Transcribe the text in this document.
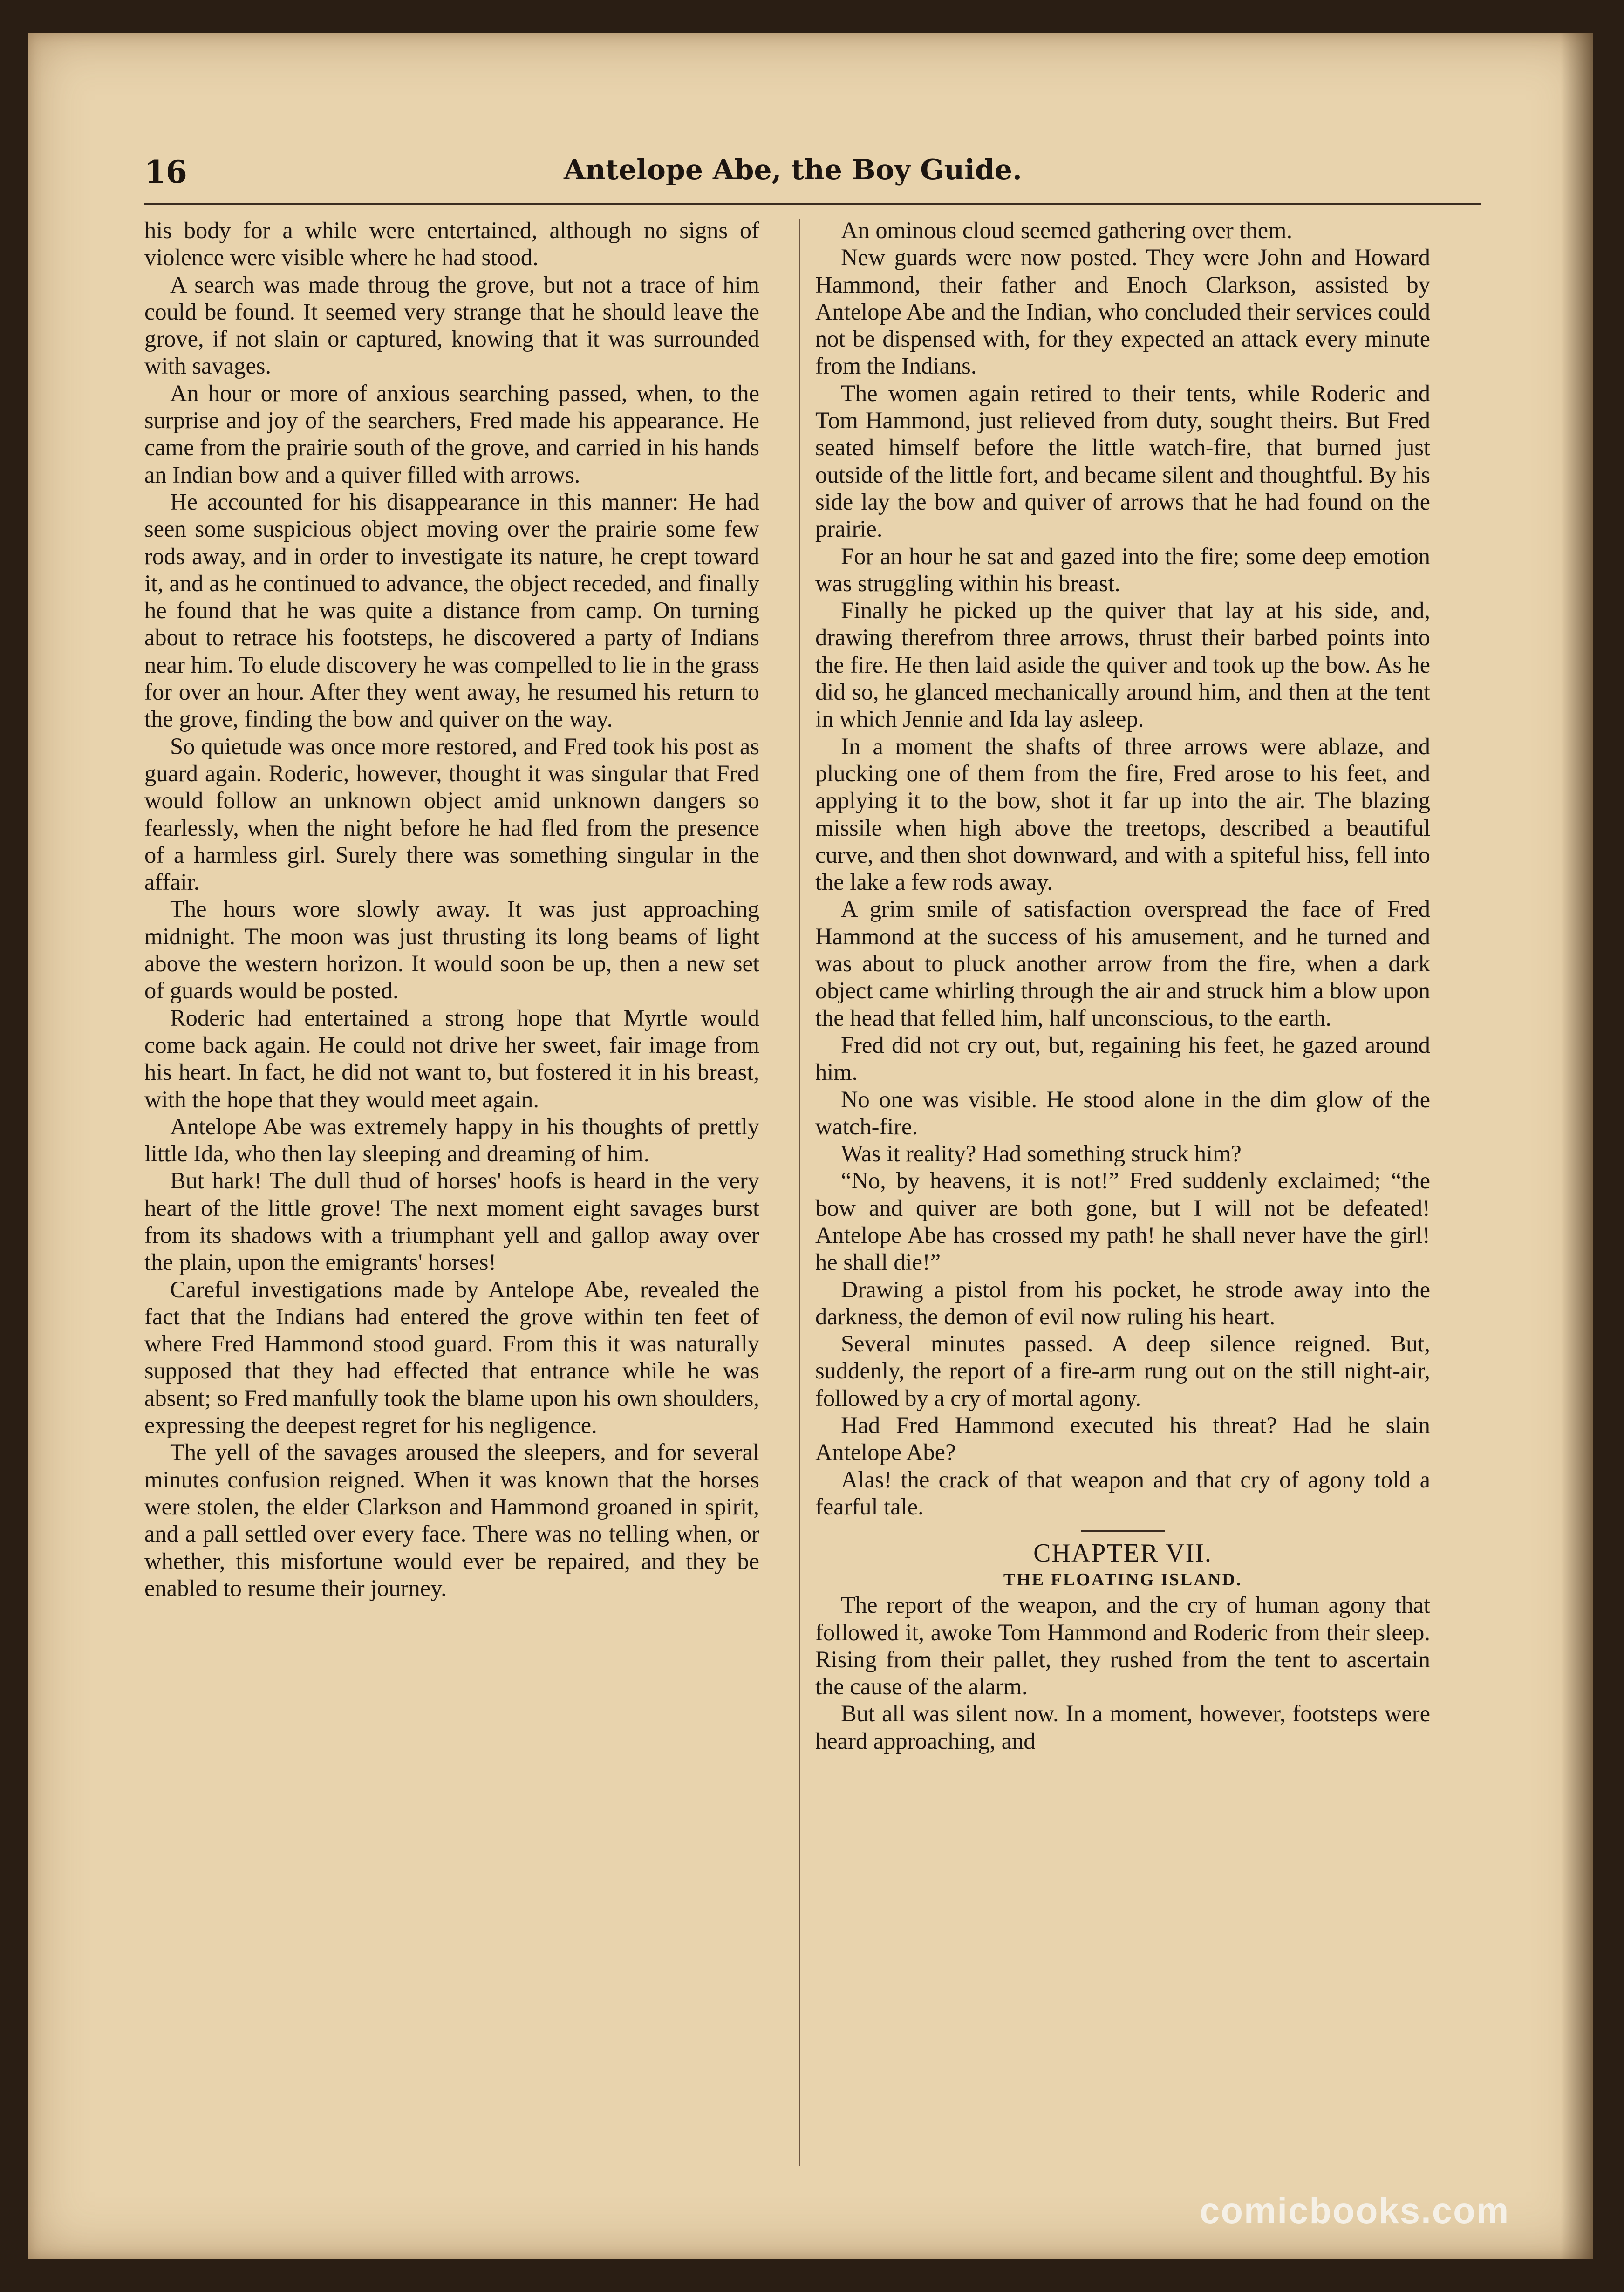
16	Antelope Abe, the Boy Guide.

his body for a while were entertained, although no signs of violence were visible where he had stood.

A search was made throug the grove, but not a trace of him could be found. It seemed very strange that he should leave the grove, if not slain or captured, knowing that it was surrounded with savages.

An hour or more of anxious searching passed, when, to the surprise and joy of the searchers, Fred made his appearance. He came from the prairie south of the grove, and carried in his hands an Indian bow and a quiver filled with arrows.

He accounted for his disappearance in this manner: He had seen some suspicious object moving over the prairie some few rods away, and in order to investigate its nature, he crept toward it, and as he continued to advance, the object receded, and finally he found that he was quite a distance from camp. On turning about to retrace his footsteps, he discovered a party of Indians near him. To elude discovery he was compelled to lie in the grass for over an hour. After they went away, he resumed his return to the grove, finding the bow and quiver on the way.

So quietude was once more restored, and Fred took his post as guard again. Roderic, however, thought it was singular that Fred would follow an unknown object amid unknown dangers so fearlessly, when the night before he had fled from the presence of a harmless girl. Surely there was something singular in the affair.

The hours wore slowly away. It was just approaching midnight. The moon was just thrusting its long beams of light above the western horizon. It would soon be up, then a new set of guards would be posted.

Roderic had entertained a strong hope that Myrtle would come back again. He could not drive her sweet, fair image from his heart. In fact, he did not want to, but fostered it in his breast, with the hope that they would meet again.

Antelope Abe was extremely happy in his thoughts of prettly little Ida, who then lay sleeping and dreaming of him.

But hark! The dull thud of horses' hoofs is heard in the very heart of the little grove! The next moment eight savages burst from its shadows with a triumphant yell and gallop away over the plain, upon the emigrants' horses!

Careful investigations made by Antelope Abe, revealed the fact that the Indians had entered the grove within ten feet of where Fred Hammond stood guard. From this it was naturally supposed that they had effected that entrance while he was absent; so Fred manfully took the blame upon his own shoulders, expressing the deepest regret for his negligence.

The yell of the savages aroused the sleepers, and for several minutes confusion reigned. When it was known that the horses were stolen, the elder Clarkson and Hammond groaned in spirit, and a pall settled over every face. There was no telling when, or whether, this misfortune would ever be repaired, and they be enabled to resume their journey.

An ominous cloud seemed gathering over them.

New guards were now posted. They were John and Howard Hammond, their father and Enoch Clarkson, assisted by Antelope Abe and the Indian, who concluded their services could not be dispensed with, for they expected an attack every minute from the Indians.

The women again retired to their tents, while Roderic and Tom Hammond, just relieved from duty, sought theirs. But Fred seated himself before the little watch-fire, that burned just outside of the little fort, and became silent and thoughtful. By his side lay the bow and quiver of arrows that he had found on the prairie.

For an hour he sat and gazed into the fire; some deep emotion was struggling within his breast.

Finally he picked up the quiver that lay at his side, and, drawing therefrom three arrows, thrust their barbed points into the fire. He then laid aside the quiver and took up the bow. As he did so, he glanced mechanically around him, and then at the tent in which Jennie and Ida lay asleep.

In a moment the shafts of three arrows were ablaze, and plucking one of them from the fire, Fred arose to his feet, and applying it to the bow, shot it far up into the air. The blazing missile when high above the treetops, described a beautiful curve, and then shot downward, and with a spiteful hiss, fell into the lake a few rods away.

A grim smile of satisfaction overspread the face of Fred Hammond at the success of his amusement, and he turned and was about to pluck another arrow from the fire, when a dark object came whirling through the air and struck him a blow upon the head that felled him, half unconscious, to the earth.

Fred did not cry out, but, regaining his feet, he gazed around him.

No one was visible. He stood alone in the dim glow of the watch-fire.

Was it reality? Had something struck him?

“No, by heavens, it is not!” Fred suddenly exclaimed; “the bow and quiver are both gone, but I will not be defeated! Antelope Abe has crossed my path! he shall never have the girl! he shall die!”

Drawing a pistol from his pocket, he strode away into the darkness, the demon of evil now ruling his heart.

Several minutes passed. A deep silence reigned. But, suddenly, the report of a fire-arm rung out on the still night-air, followed by a cry of mortal agony.

Had Fred Hammond executed his threat? Had he slain Antelope Abe?

Alas! the crack of that weapon and that cry of agony told a fearful tale.

CHAPTER VII.
THE FLOATING ISLAND.

The report of the weapon, and the cry of human agony that followed it, awoke Tom Hammond and Roderic from their sleep. Rising from their pallet, they rushed from the tent to ascertain the cause of the alarm.

But all was silent now. In a moment, however, footsteps were heard approaching, and

comicbooks.com
